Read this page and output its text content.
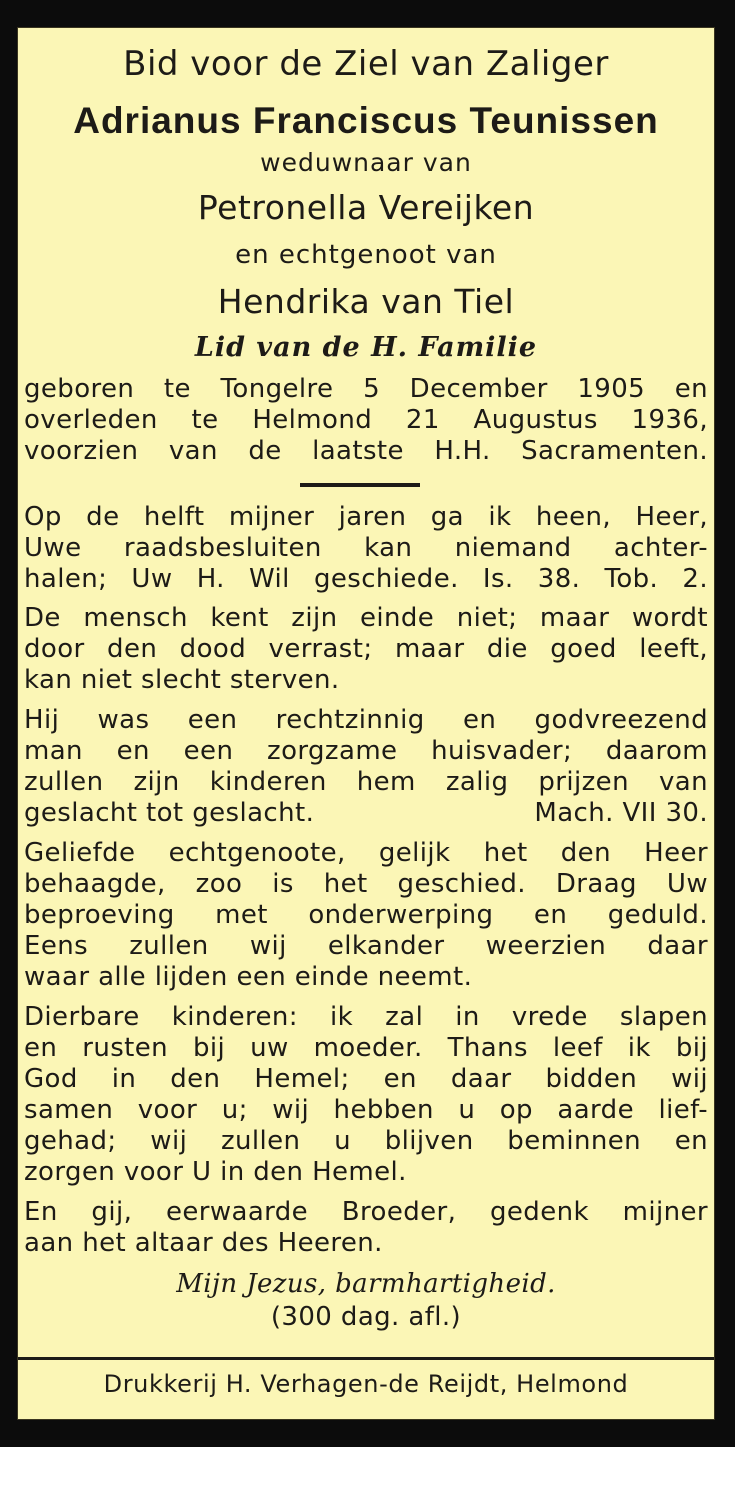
Bid voor de Ziel van Zaliger

Adrianus Franciscus Teunissen

weduwnaar van

Petronella Vereijken

en echtgenoot van

Hendrika van Tiel

Lid van de H. Familie

geboren te Tongelre 5 December 1905 en

overleden te Helmond 21 Augustus 1936,

voorzien van de laatste H.H. Sacramenten.

Op de helft mijner jaren ga ik heen, Heer,

Uwe raadsbesluiten kan niemand achter-

halen; Uw H. Wil geschiede. Is. 38. Tob. 2.

De mensch kent zijn einde niet; maar wordt

door den dood verrast; maar die goed leeft,

kan niet slecht sterven.

Hij was een rechtzinnig en godvreezend

man en een zorgzame huisvader; daarom

zullen zijn kinderen hem zalig prijzen van

geslacht tot geslacht.	Mach. VII 30.

Geliefde echtgenoote, gelijk het den Heer

behaagde, zoo is het geschied. Draag Uw

beproeving met onderwerping en geduld.

Eens zullen wij elkander weerzien daar

waar alle lijden een einde neemt.

Dierbare kinderen: ik zal in vrede slapen

en rusten bij uw moeder. Thans leef ik bij

God in den Hemel; en daar bidden wij

samen voor u; wij hebben u op aarde lief-

gehad; wij zullen u blijven beminnen en

zorgen voor U in den Hemel.

En gij, eerwaarde Broeder, gedenk mijner

aan het altaar des Heeren.

Mijn Jezus, barmhartigheid.

(300 dag. afl.)

Drukkerij H. Verhagen-de Reijdt, Helmond
